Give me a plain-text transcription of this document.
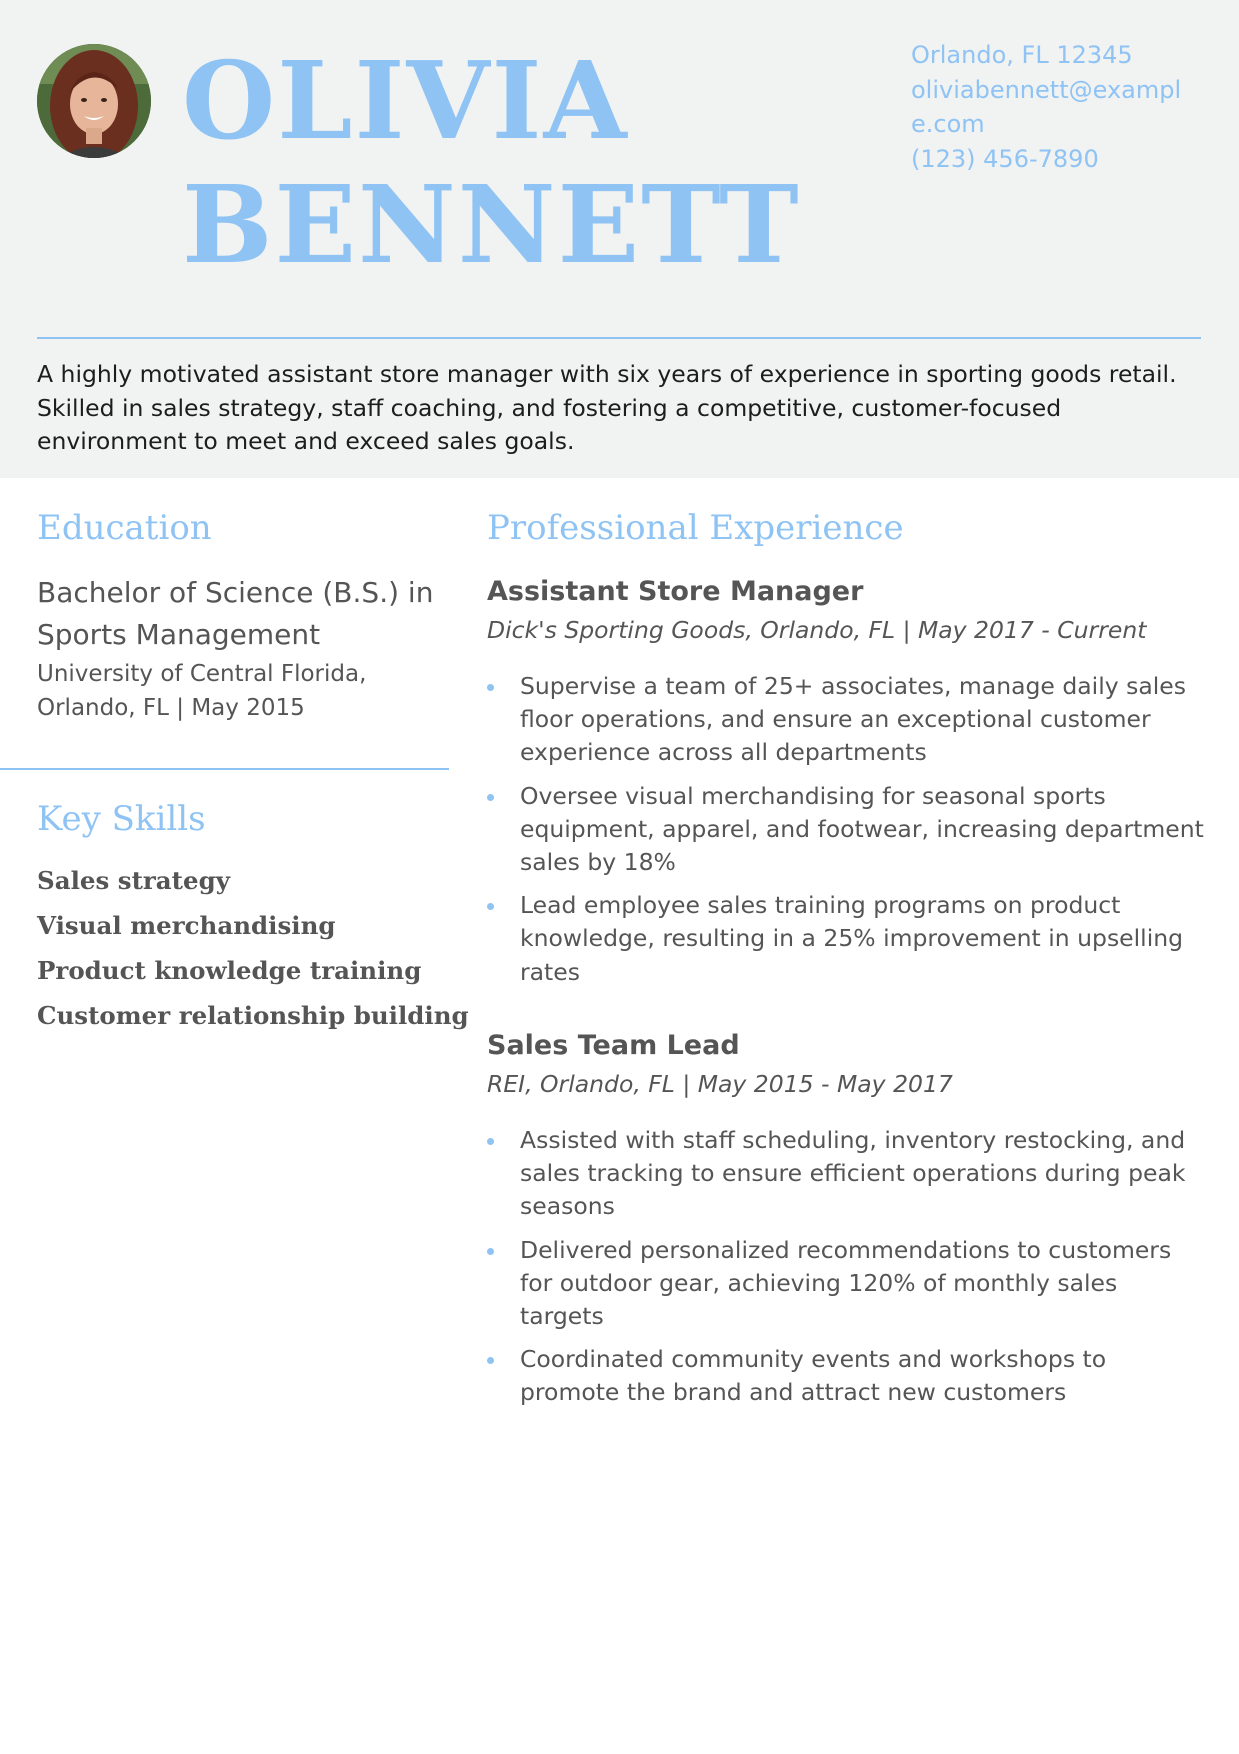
OLIVIA
BENNETT
Orlando, FL 12345
oliviabennett@example.com
(123) 456-7890
A highly motivated assistant store manager with six years of experience in sporting goods retail. Skilled in sales strategy, staff coaching, and fostering a competitive, customer-focused environment to meet and exceed sales goals.
Education
Bachelor of Science (B.S.) in Sports Management
University of Central Florida, Orlando, FL | May 2015
Key Skills
Sales strategy
Visual merchandising
Product knowledge training
Customer relationship building
Professional Experience
Assistant Store Manager
Dick's Sporting Goods, Orlando, FL | May 2017 - Current
Supervise a team of 25+ associates, manage daily sales floor operations, and ensure an exceptional customer experience across all departments
Oversee visual merchandising for seasonal sports equipment, apparel, and footwear, increasing department sales by 18%
Lead employee sales training programs on product knowledge, resulting in a 25% improvement in upselling rates
Sales Team Lead
REI, Orlando, FL | May 2015 - May 2017
Assisted with staff scheduling, inventory restocking, and sales tracking to ensure efficient operations during peak seasons
Delivered personalized recommendations to customers for outdoor gear, achieving 120% of monthly sales targets
Coordinated community events and workshops to promote the brand and attract new customers
